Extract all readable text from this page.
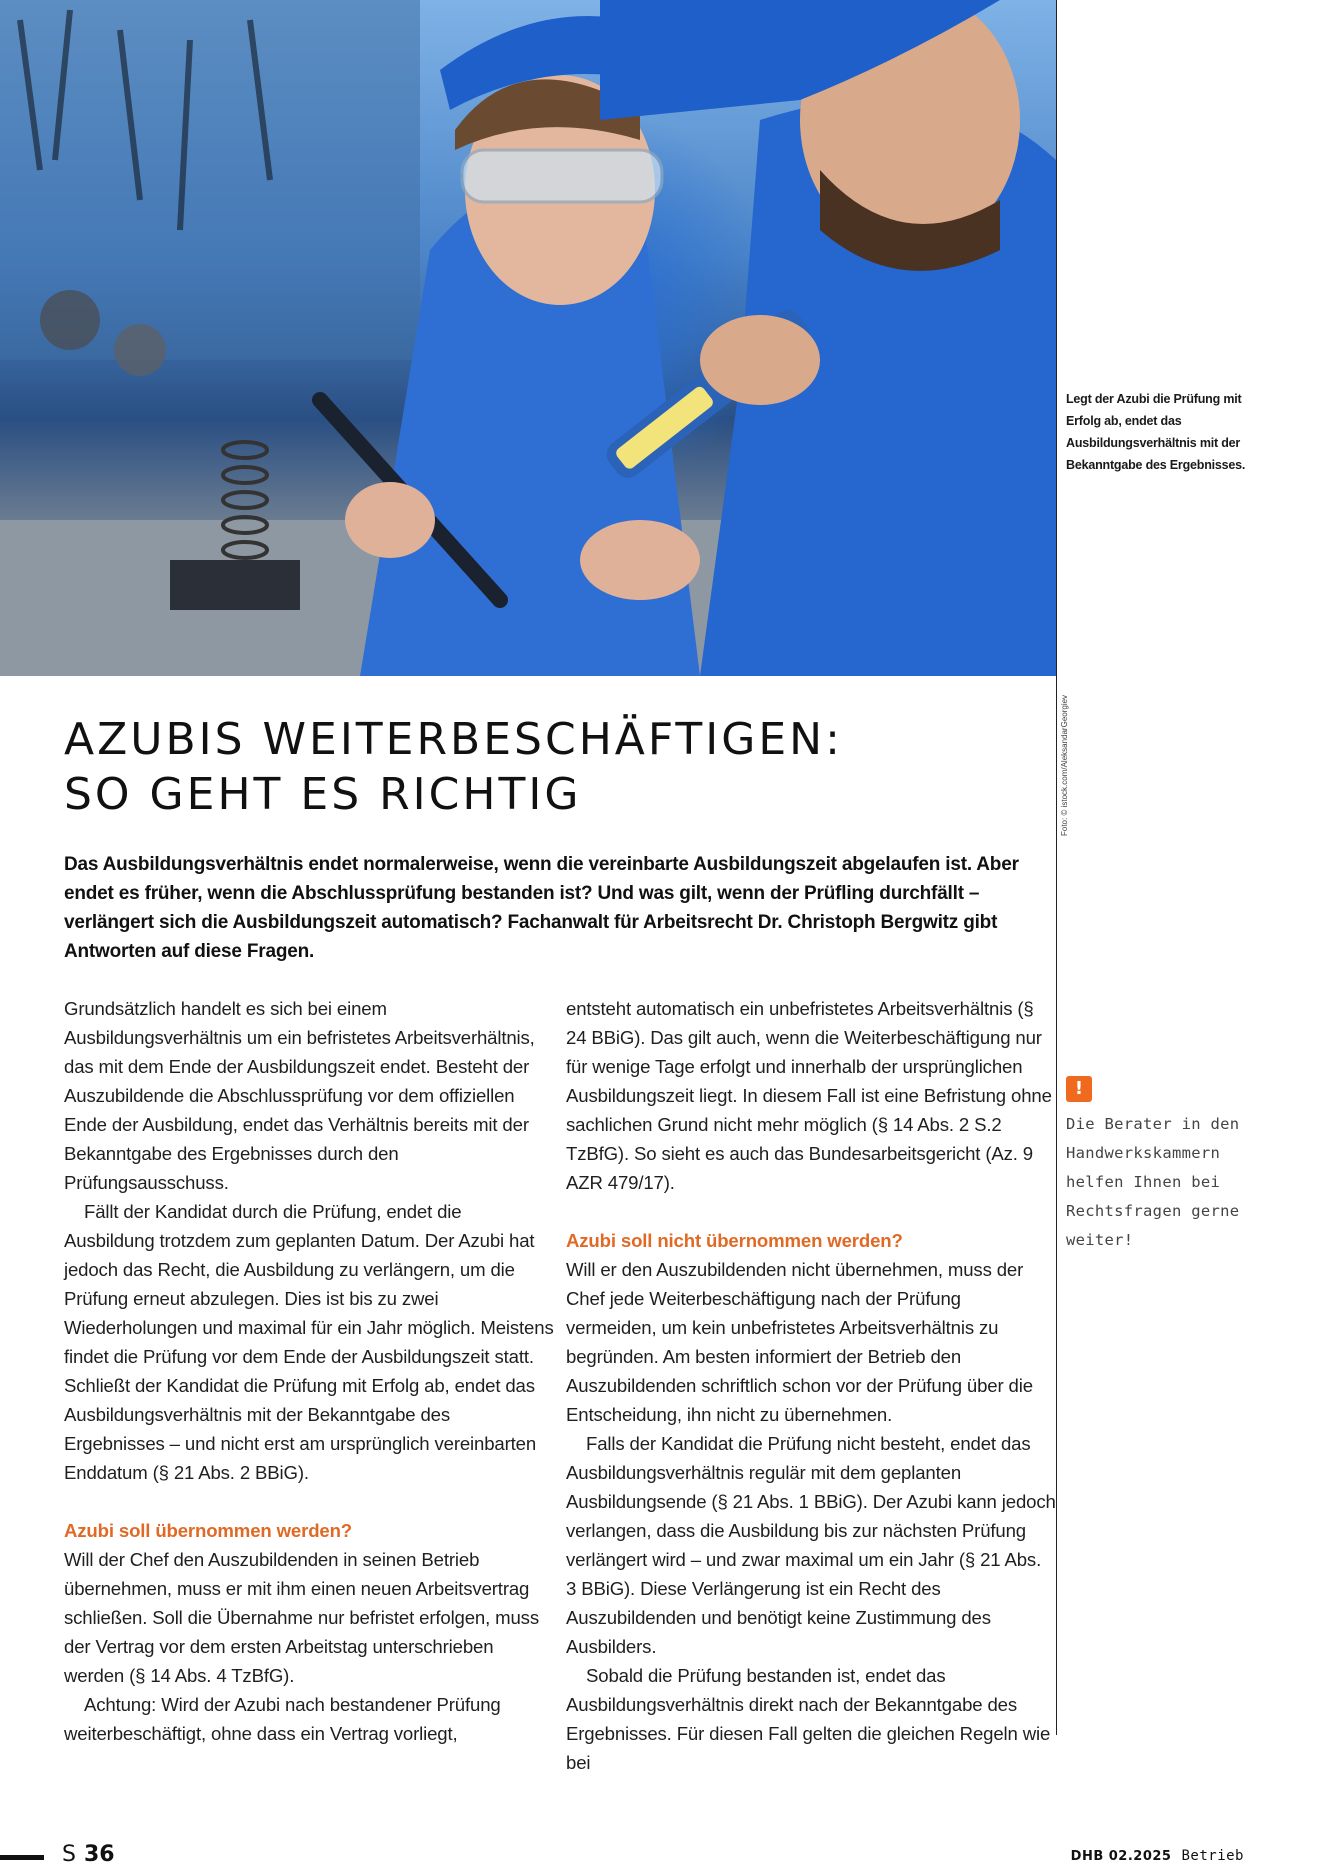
Legt der Azubi die Prüfung mit Erfolg ab, endet das Ausbildungsverhältnis mit der Bekanntgabe des Ergebnisses.
Foto: © istock.com/AleksandarGeorgiev
AZUBIS WEITERBESCHÄFTIGEN:
SO GEHT ES RICHTIG

Das Ausbildungsverhältnis endet normalerweise, wenn die vereinbarte Ausbildungszeit abgelaufen ist. Aber endet es früher, wenn die Abschlussprüfung bestanden ist? Und was gilt, wenn der Prüfling durchfällt – verlängert sich die Ausbildungszeit automatisch? Fachanwalt für Arbeitsrecht Dr. Christoph Bergwitz gibt Antworten auf diese Fragen.

Grundsätzlich handelt es sich bei einem Ausbildungsverhältnis um ein befristetes Arbeitsverhältnis, das mit dem Ende der Ausbildungszeit endet. Besteht der Auszubildende die Abschlussprüfung vor dem offiziellen Ende der Ausbildung, endet das Verhältnis bereits mit der Bekanntgabe des Ergebnisses durch den Prüfungsausschuss.

Fällt der Kandidat durch die Prüfung, endet die Ausbildung trotzdem zum geplanten Datum. Der Azubi hat jedoch das Recht, die Ausbildung zu verlängern, um die Prüfung erneut abzulegen. Dies ist bis zu zwei Wiederholungen und maximal für ein Jahr möglich. Meistens findet die Prüfung vor dem Ende der Ausbildungszeit statt. Schließt der Kandidat die Prüfung mit Erfolg ab, endet das Ausbildungsverhältnis mit der Bekanntgabe des Ergebnisses – und nicht erst am ursprünglich vereinbarten Enddatum (§ 21 Abs. 2 BBiG).

Azubi soll übernommen werden?

Will der Chef den Auszubildenden in seinen Betrieb übernehmen, muss er mit ihm einen neuen Arbeitsvertrag schließen. Soll die Übernahme nur befristet erfolgen, muss der Vertrag vor dem ersten Arbeitstag unterschrieben werden (§ 14 Abs. 4 TzBfG).

Achtung: Wird der Azubi nach bestandener Prüfung weiterbeschäftigt, ohne dass ein Vertrag vorliegt,

entsteht automatisch ein unbefristetes Arbeitsverhältnis (§ 24 BBiG). Das gilt auch, wenn die Weiterbeschäftigung nur für wenige Tage erfolgt und innerhalb der ursprünglichen Ausbildungszeit liegt. In diesem Fall ist eine Befristung ohne sachlichen Grund nicht mehr möglich (§ 14 Abs. 2 S.2 TzBfG). So sieht es auch das Bundesarbeitsgericht (Az. 9 AZR 479/17).

Azubi soll nicht übernommen werden?

Will er den Auszubildenden nicht übernehmen, muss der Chef jede Weiterbeschäftigung nach der Prüfung vermeiden, um kein unbefristetes Arbeitsverhältnis zu begründen. Am besten informiert der Betrieb den Auszubildenden schriftlich schon vor der Prüfung über die Entscheidung, ihn nicht zu übernehmen.

Falls der Kandidat die Prüfung nicht besteht, endet das Ausbildungsverhältnis regulär mit dem geplanten Ausbildungsende (§ 21 Abs. 1 BBiG). Der Azubi kann jedoch verlangen, dass die Ausbildung bis zur nächsten Prüfung verlängert wird – und zwar maximal um ein Jahr (§ 21 Abs. 3 BBiG). Diese Verlängerung ist ein Recht des Auszubildenden und benötigt keine Zustimmung des Ausbilders.

Sobald die Prüfung bestanden ist, endet das Ausbildungsverhältnis direkt nach der Bekanntgabe des Ergebnisses. Für diesen Fall gelten die gleichen Regeln wie bei

!
Die Berater in den Handwerkskammern helfen Ihnen bei Rechtsfragen gerne weiter!
S 36	DHB 02.2025 Betrieb
